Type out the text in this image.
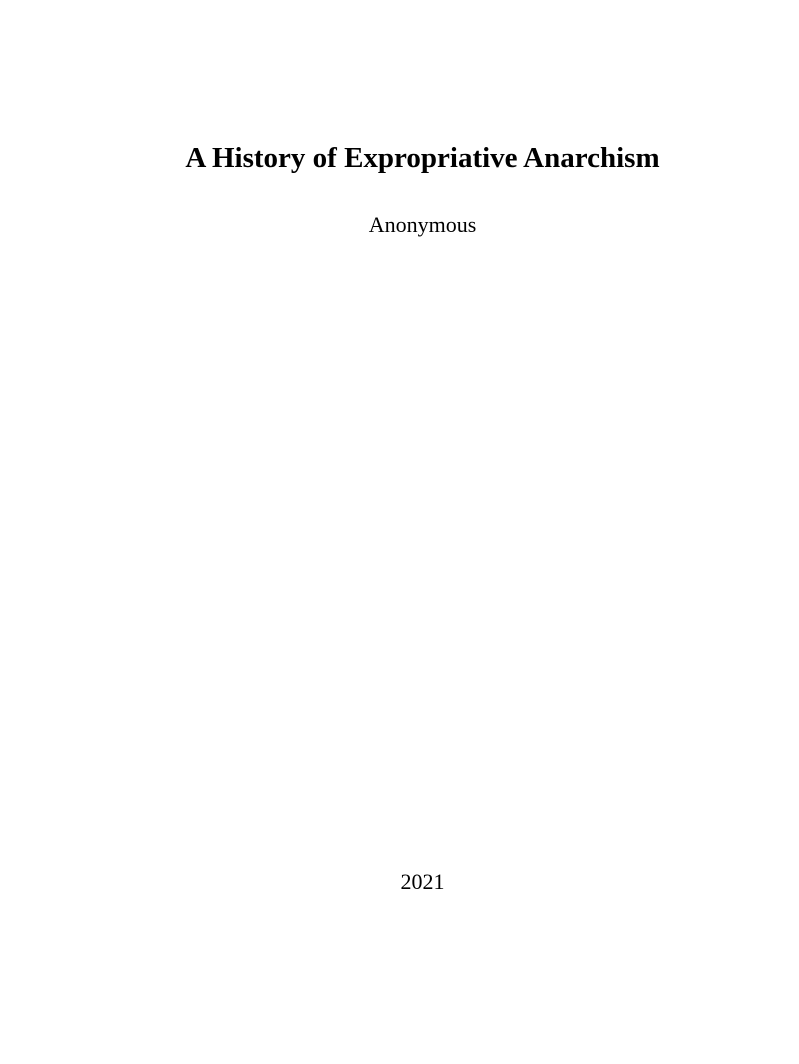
A History of Expropriative Anarchism
Anonymous
2021
